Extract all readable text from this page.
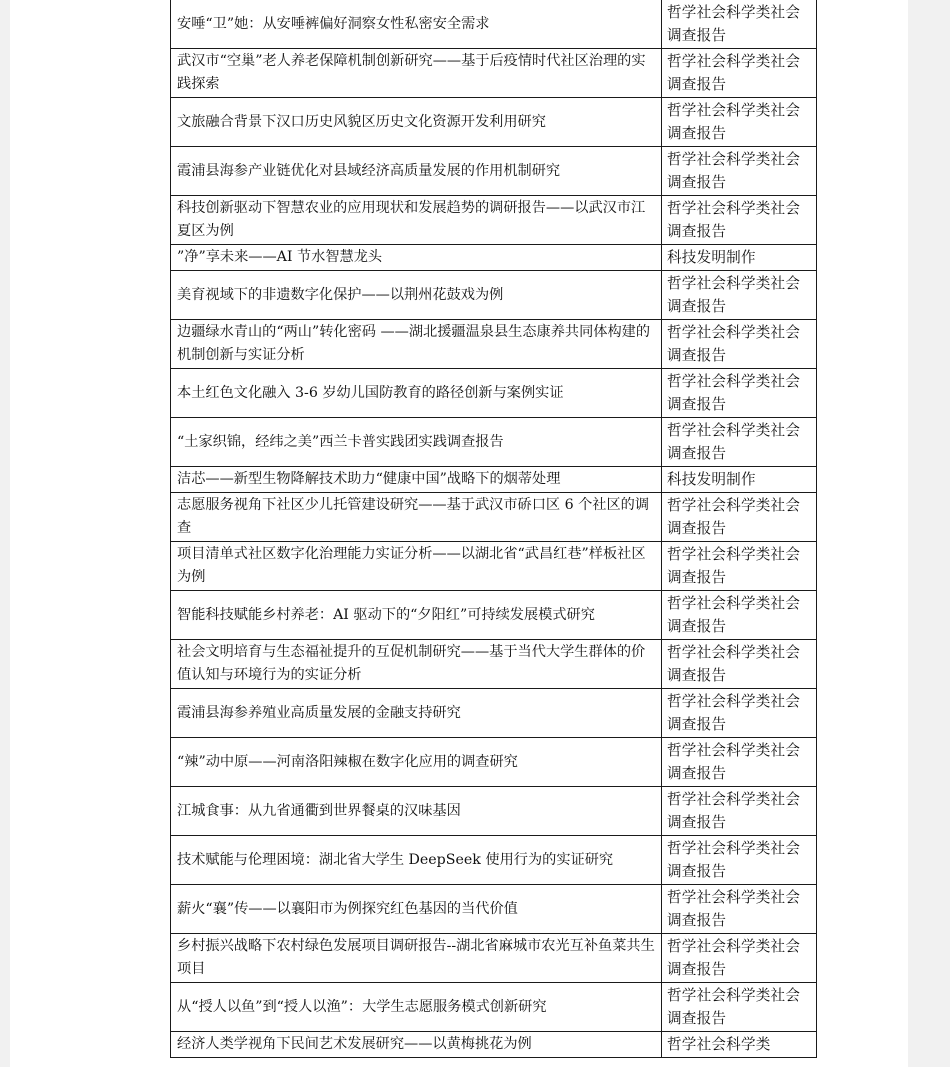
安唾“卫”她：从安唾裤偏好洞察女性私密安全需求	哲学社会科学类社会调查报告
武汉市“空巢”老人养老保障机制创新研究——基于后疫情时代社区治理的实践探索	哲学社会科学类社会调查报告
文旅融合背景下汉口历史风貌区历史文化资源开发利用研究	哲学社会科学类社会调查报告
霞浦县海参产业链优化对县域经济高质量发展的作用机制研究	哲学社会科学类社会调查报告
科技创新驱动下智慧农业的应用现状和发展趋势的调研报告——以武汉市江夏区为例	哲学社会科学类社会调查报告
”净”享未来——AI 节水智慧龙头	科技发明制作
美育视域下的非遗数字化保护——以荆州花鼓戏为例	哲学社会科学类社会调查报告
边疆绿水青山的“两山”转化密码 ——湖北援疆温泉县生态康养共同体构建的机制创新与实证分析	哲学社会科学类社会调查报告
本土红色文化融入 3-6 岁幼儿国防教育的路径创新与案例实证	哲学社会科学类社会调查报告
“土家织锦，经纬之美”西兰卡普实践团实践调查报告	哲学社会科学类社会调查报告
洁芯——新型生物降解技术助力“健康中国”战略下的烟蒂处理	科技发明制作
志愿服务视角下社区少儿托管建设研究——基于武汉市硚口区 6 个社区的调查	哲学社会科学类社会调查报告
项目清单式社区数字化治理能力实证分析——以湖北省“武昌红巷”样板社区为例	哲学社会科学类社会调查报告
智能科技赋能乡村养老：AI 驱动下的“夕阳红”可持续发展模式研究	哲学社会科学类社会调查报告
社会文明培育与生态福祉提升的互促机制研究——基于当代大学生群体的价值认知与环境行为的实证分析	哲学社会科学类社会调查报告
霞浦县海参养殖业高质量发展的金融支持研究	哲学社会科学类社会调查报告
“辣”动中原——河南洛阳辣椒在数字化应用的调查研究	哲学社会科学类社会调查报告
江城食事：从九省通衢到世界餐桌的汉味基因	哲学社会科学类社会调查报告
技术赋能与伦理困境：湖北省大学生 DeepSeek 使用行为的实证研究	哲学社会科学类社会调查报告
薪火“襄”传——以襄阳市为例探究红色基因的当代价值	哲学社会科学类社会调查报告
乡村振兴战略下农村绿色发展项目调研报告--湖北省麻城市农光互补鱼菜共生项目	哲学社会科学类社会调查报告
从“授人以鱼”到“授人以渔”：大学生志愿服务模式创新研究	哲学社会科学类社会调查报告
经济人类学视角下民间艺术发展研究——以黄梅挑花为例	哲学社会科学类
